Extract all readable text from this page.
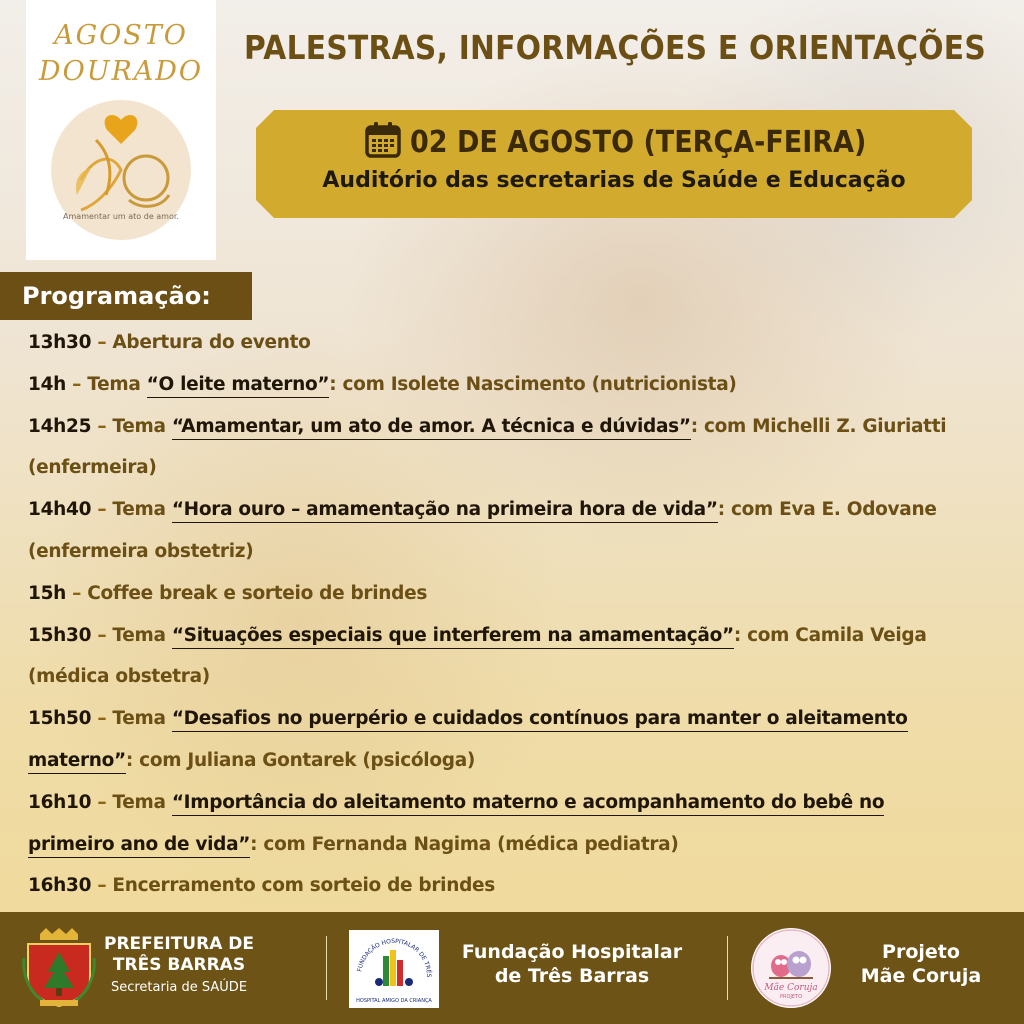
AGOSTO
DOURADO
Amamentar um ato de amor.
PALESTRAS, INFORMAÇÕES E ORIENTAÇÕES
02 DE AGOSTO (TERÇA-FEIRA)
Auditório das secretarias de Saúde e Educação
Programação:
13h30 – Abertura do evento
14h – Tema “O leite materno”: com Isolete Nascimento (nutricionista)
14h25 – Tema “Amamentar, um ato de amor. A técnica e dúvidas”: com Michelli Z. Giuriatti
(enfermeira)
14h40 – Tema “Hora ouro – amamentação na primeira hora de vida”: com Eva E. Odovane
(enfermeira obstetriz)
15h – Coffee break e sorteio de brindes
15h30 – Tema “Situações especiais que interferem na amamentação”: com Camila Veiga
(médica obstetra)
15h50 – Tema “Desafios no puerpério e cuidados contínuos para manter o aleitamento
materno”: com Juliana Gontarek (psicóloga)
16h10 – Tema “Importância do aleitamento materno e acompanhamento do bebê no
primeiro ano de vida”: com Fernanda Nagima (médica pediatra)
16h30 – Encerramento com sorteio de brindes
PREFEITURA DE
TRÊS BARRAS
Secretaria de SAÚDE
FUNDAÇÃO HOSPITALAR DE TRÊS
HOSPITAL AMIGO DA CRIANÇA
Fundação Hospitalar
de Três Barras
Mãe Coruja
PROJETO
Projeto
Mãe Coruja
